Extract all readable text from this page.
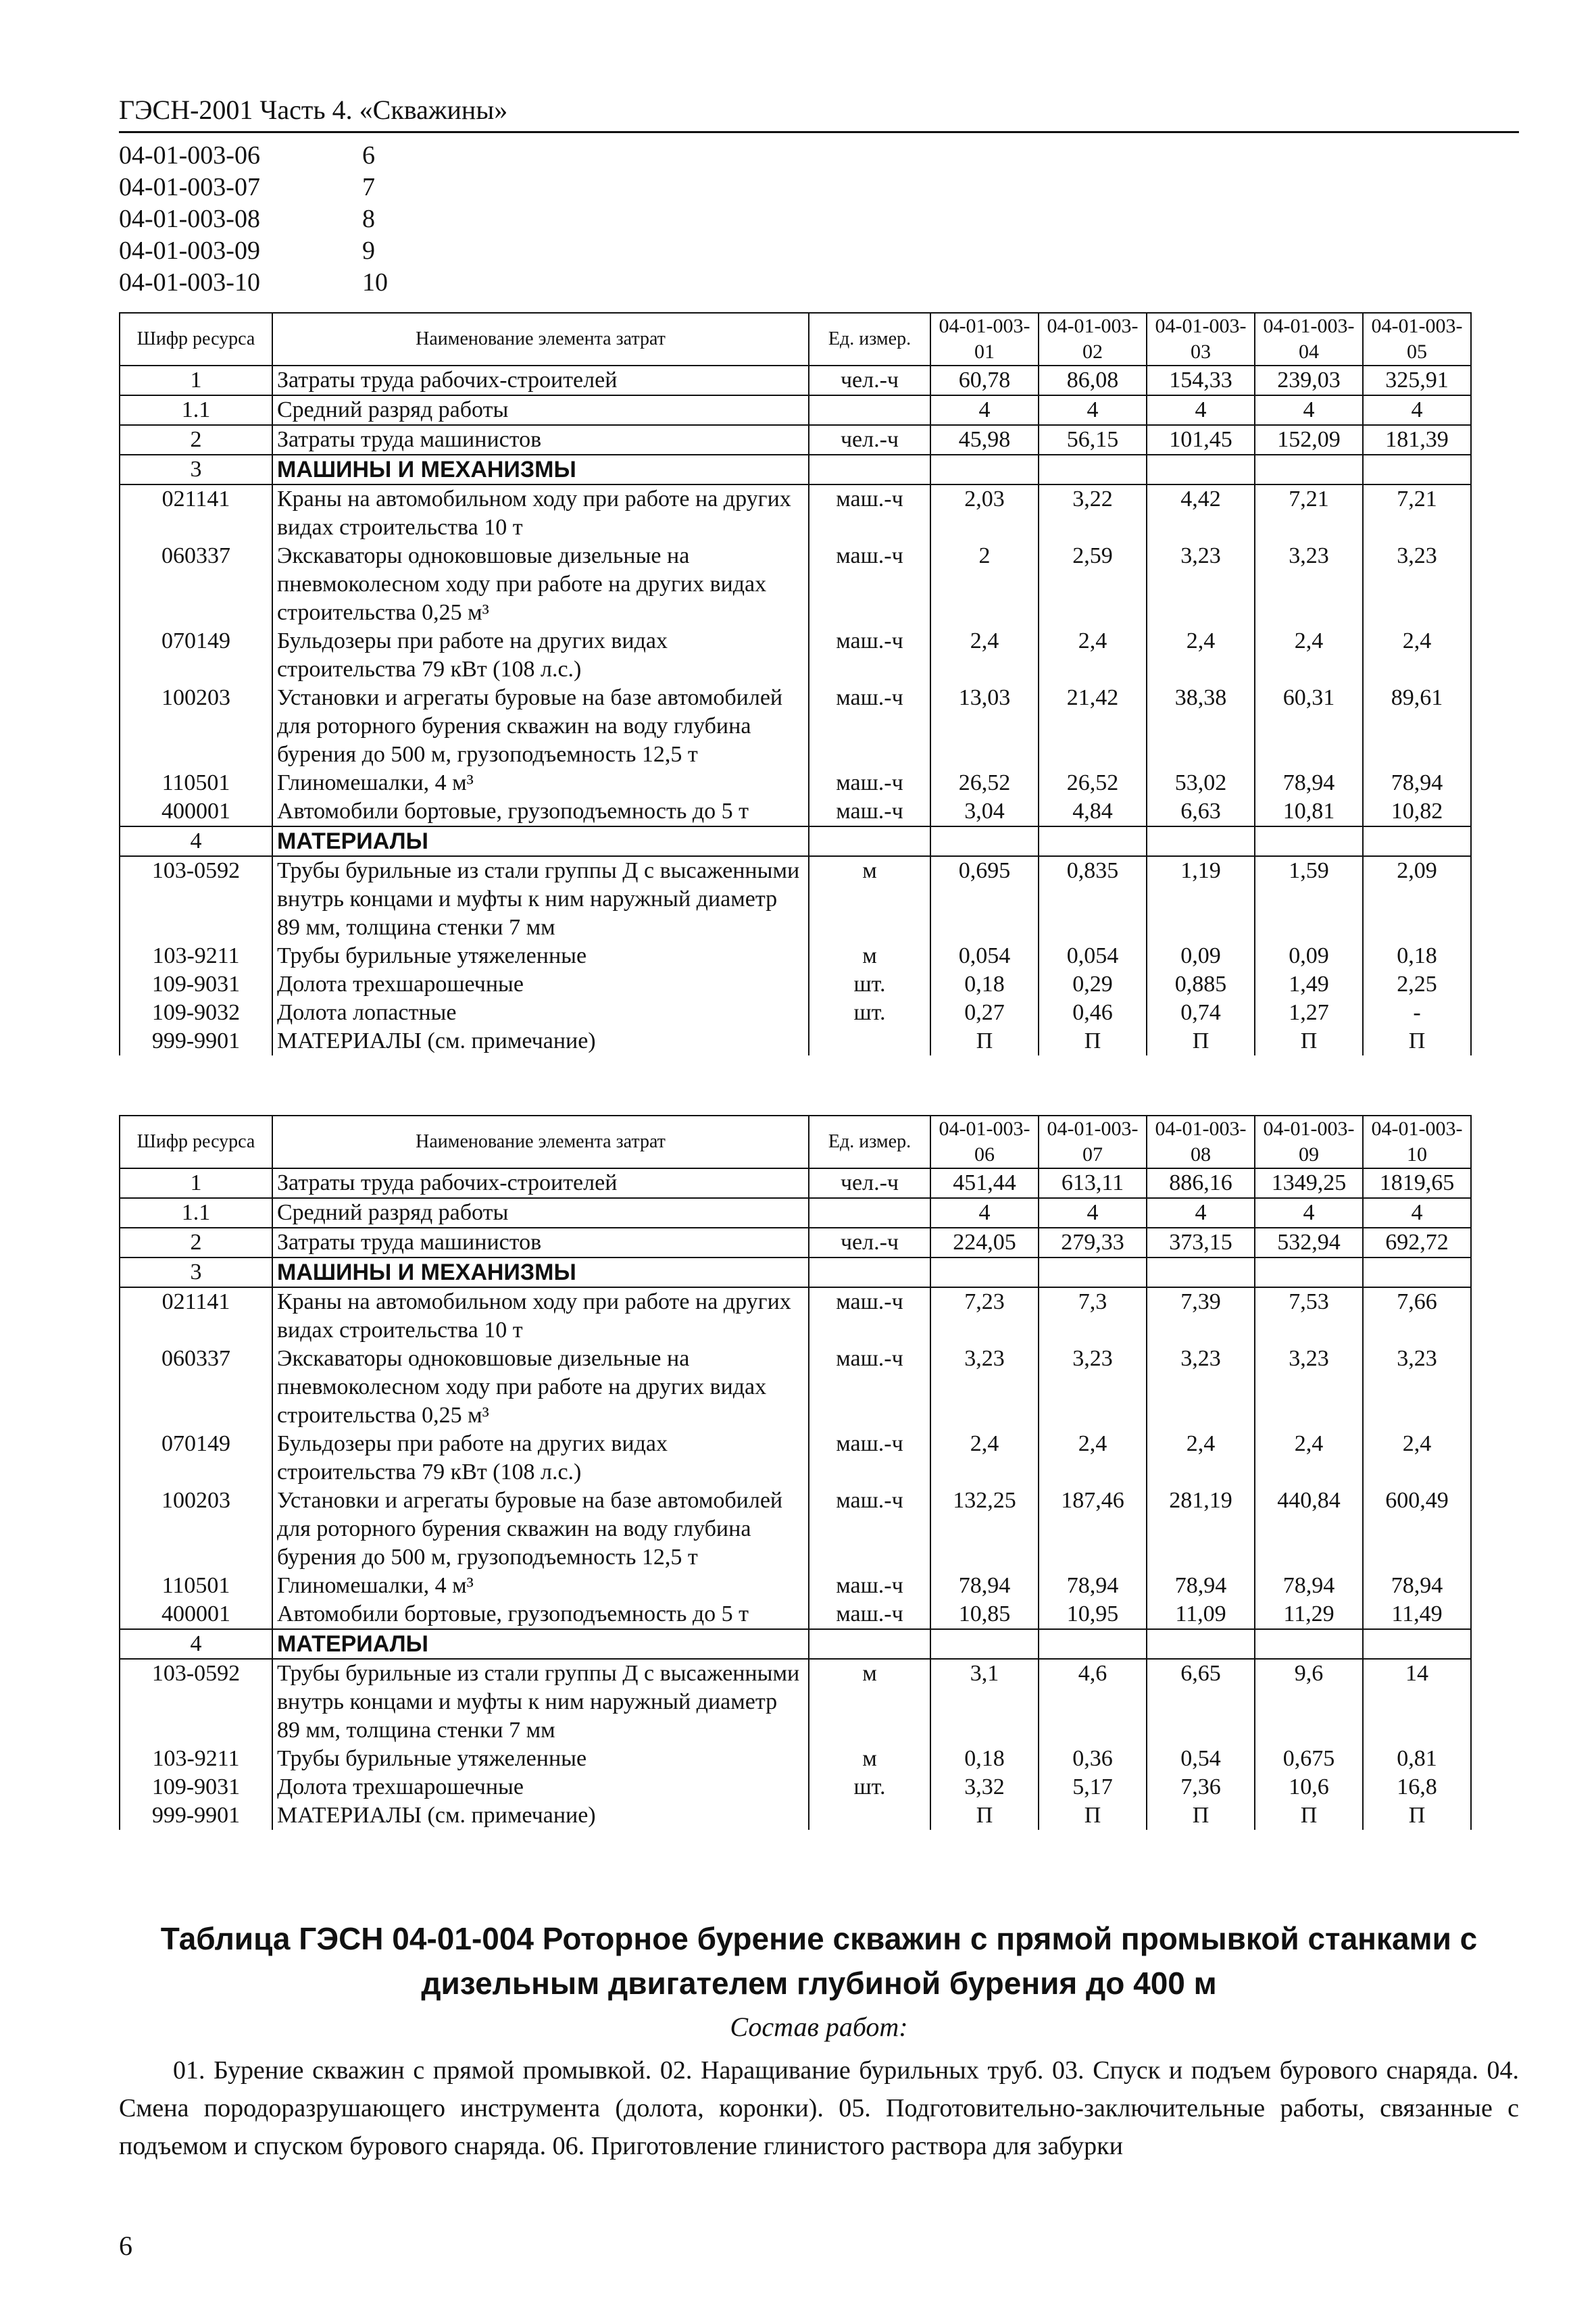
ГЭСН-2001 Часть 4. «Скважины»
04-01-003-06	6
04-01-003-07	7
04-01-003-08	8
04-01-003-09	9
04-01-003-10	10
Шифр ресурса	Наименование элемента затрат	Ед. измер.	04-01-003-01	04-01-003-02	04-01-003-03	04-01-003-04	04-01-003-05
1	Затраты труда рабочих-строителей	чел.-ч	60,78	86,08	154,33	239,03	325,91
1.1	Средний разряд работы		4	4	4	4	4
2	Затраты труда машинистов	чел.-ч	45,98	56,15	101,45	152,09	181,39
3	МАШИНЫ И МЕХАНИЗМЫ						
021141	Краны на автомобильном ходу при работе на других видах строительства 10 т	маш.-ч	2,03	3,22	4,42	7,21	7,21
060337	Экскаваторы одноковшовые дизельные на пневмоколесном ходу при работе на других видах строительства 0,25 м³	маш.-ч	2	2,59	3,23	3,23	3,23
070149	Бульдозеры при работе на других видах строительства 79 кВт (108 л.с.)	маш.-ч	2,4	2,4	2,4	2,4	2,4
100203	Установки и агрегаты буровые на базе автомобилей для роторного бурения скважин на воду глубина бурения до 500 м, грузоподъемность 12,5 т	маш.-ч	13,03	21,42	38,38	60,31	89,61
110501	Глиномешалки, 4 м³	маш.-ч	26,52	26,52	53,02	78,94	78,94
400001	Автомобили бортовые, грузоподъемность до 5 т	маш.-ч	3,04	4,84	6,63	10,81	10,82
4	МАТЕРИАЛЫ						
103-0592	Трубы бурильные из стали группы Д с высаженными внутрь концами и муфты к ним наружный диаметр 89 мм, толщина стенки 7 мм	м	0,695	0,835	1,19	1,59	2,09
103-9211	Трубы бурильные утяжеленные	м	0,054	0,054	0,09	0,09	0,18
109-9031	Долота трехшарошечные	шт.	0,18	0,29	0,885	1,49	2,25
109-9032	Долота лопастные	шт.	0,27	0,46	0,74	1,27	-
999-9901	МАТЕРИАЛЫ (см. примечание)		П	П	П	П	П
Шифр ресурса	Наименование элемента затрат	Ед. измер.	04-01-003-06	04-01-003-07	04-01-003-08	04-01-003-09	04-01-003-10
1	Затраты труда рабочих-строителей	чел.-ч	451,44	613,11	886,16	1349,25	1819,65
1.1	Средний разряд работы		4	4	4	4	4
2	Затраты труда машинистов	чел.-ч	224,05	279,33	373,15	532,94	692,72
3	МАШИНЫ И МЕХАНИЗМЫ						
021141	Краны на автомобильном ходу при работе на других видах строительства 10 т	маш.-ч	7,23	7,3	7,39	7,53	7,66
060337	Экскаваторы одноковшовые дизельные на пневмоколесном ходу при работе на других видах строительства 0,25 м³	маш.-ч	3,23	3,23	3,23	3,23	3,23
070149	Бульдозеры при работе на других видах строительства 79 кВт (108 л.с.)	маш.-ч	2,4	2,4	2,4	2,4	2,4
100203	Установки и агрегаты буровые на базе автомобилей для роторного бурения скважин на воду глубина бурения до 500 м, грузоподъемность 12,5 т	маш.-ч	132,25	187,46	281,19	440,84	600,49
110501	Глиномешалки, 4 м³	маш.-ч	78,94	78,94	78,94	78,94	78,94
400001	Автомобили бортовые, грузоподъемность до 5 т	маш.-ч	10,85	10,95	11,09	11,29	11,49
4	МАТЕРИАЛЫ						
103-0592	Трубы бурильные из стали группы Д с высаженными внутрь концами и муфты к ним наружный диаметр 89 мм, толщина стенки 7 мм	м	3,1	4,6	6,65	9,6	14
103-9211	Трубы бурильные утяжеленные	м	0,18	0,36	0,54	0,675	0,81
109-9031	Долота трехшарошечные	шт.	3,32	5,17	7,36	10,6	16,8
999-9901	МАТЕРИАЛЫ (см. примечание)		П	П	П	П	П
Таблица ГЭСН 04-01-004 Роторное бурение скважин с прямой промывкой станками с дизельным двигателем глубиной бурения до 400 м
Состав работ:
01. Бурение скважин с прямой промывкой. 02. Наращивание бурильных труб. 03. Спуск и подъем бурового снаряда. 04. Смена породоразрушающего инструмента (долота, коронки). 05. Подготовительно-заключительные работы, связанные с подъемом и спуском бурового снаряда. 06. Приготовление глинистого раствора для забурки
6
